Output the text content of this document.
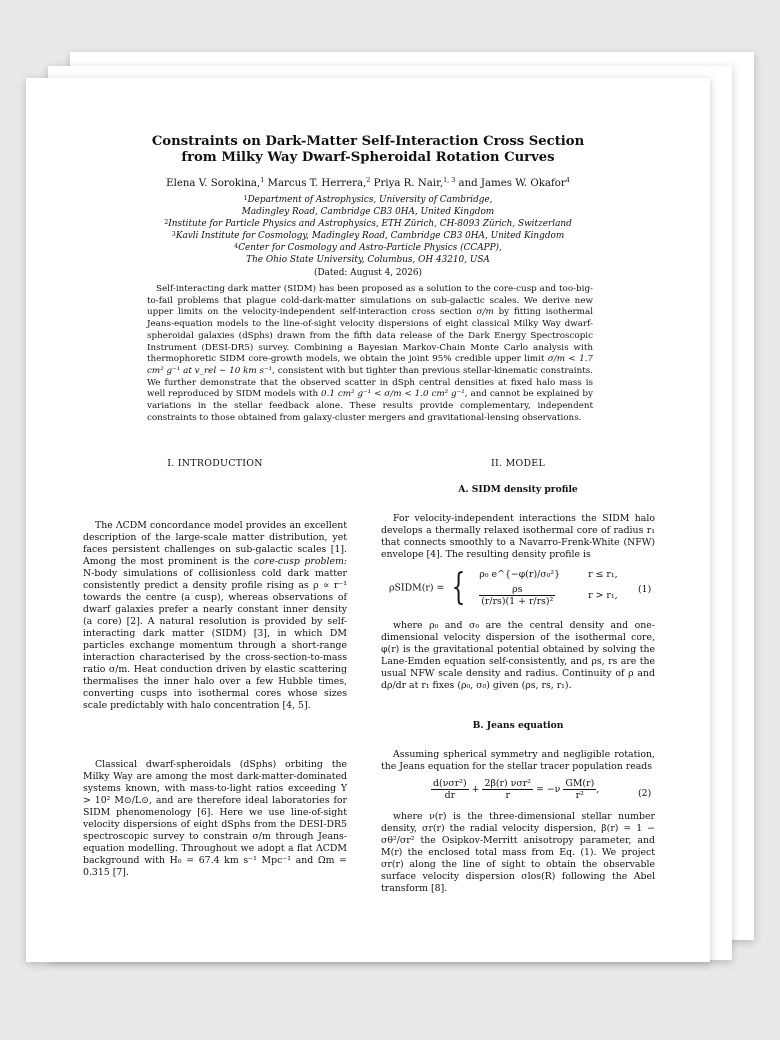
Constraints on Dark-Matter Self-Interaction Cross Section
from Milky Way Dwarf-Spheroidal Rotation Curves
Elena V. Sorokina,$^1$ Marcus T. Herrera,$^2$ Priya R. Nair,$^{1, 3}$ and James W. Okafor$^4$
$^1$Department of Astrophysics, University of Cambridge,
Madingley Road, Cambridge CB3 0HA, United Kingdom
$^2$Institute for Particle Physics and Astrophysics, ETH Zürich, CH-8093 Zürich, Switzerland
$^3$Kavli Institute for Cosmology, Madingley Road, Cambridge CB3 0HA, United Kingdom
$^4$Center for Cosmology and Astro-Particle Physics (CCAPP),
The Ohio State University, Columbus, OH 43210, USA
(Dated: August 4, 2026)
Self-interacting dark matter (SIDM) has been proposed as a solution to the core-cusp and too-big-to-fail problems that plague cold-dark-matter simulations on sub-galactic scales. We derive new upper limits on the velocity-independent self-interaction cross section σ/m by fitting isothermal Jeans-equation models to the line-of-sight velocity dispersions of eight classical Milky Way dwarf-spheroidal galaxies (dSphs) drawn from the fifth data release of the Dark Energy Spectroscopic Instrument (DESI-DR5) survey. Combining a Bayesian Markov-Chain Monte Carlo analysis with thermophoretic SIDM core-growth models, we obtain the joint 95% credible upper limit σ/m < 1.7 cm² g⁻¹ at v_rel ∼ 10 km s⁻¹, consistent with but tighter than previous stellar-kinematic constraints. We further demonstrate that the observed scatter in dSph central densities at fixed halo mass is well reproduced by SIDM models with 0.1 cm² g⁻¹ < σ/m < 1.0 cm² g⁻¹, and cannot be explained by variations in the stellar feedback alone. These results provide complementary, independent constraints to those obtained from galaxy-cluster mergers and gravitational-lensing observations.
I. INTRODUCTION
The ΛCDM concordance model provides an excellent description of the large-scale matter distribution, yet faces persistent challenges on sub-galactic scales [1]. Among the most prominent is the core-cusp problem: N-body simulations of collisionless cold dark matter consistently predict a density profile rising as ρ ∝ r⁻¹ towards the centre (a cusp), whereas observations of dwarf galaxies prefer a nearly constant inner density (a core) [2]. A natural resolution is provided by self-interacting dark matter (SIDM) [3], in which DM particles exchange momentum through a short-range interaction characterised by the cross-section-to-mass ratio σ/m. Heat conduction driven by elastic scattering thermalises the inner halo over a few Hubble times, converting cusps into isothermal cores whose sizes scale predictably with halo concentration [4, 5].
Classical dwarf-spheroidals (dSphs) orbiting the Milky Way are among the most dark-matter-dominated systems known, with mass-to-light ratios exceeding Υ > 10² M⊙/L⊙, and are therefore ideal laboratories for SIDM phenomenology [6]. Here we use line-of-sight velocity dispersions of eight dSphs from the DESI-DR5 spectroscopic survey to constrain σ/m through Jeans-equation modelling. Throughout we adopt a flat ΛCDM background with H₀ = 67.4 km s⁻¹ Mpc⁻¹ and Ωm = 0.315 [7].
II. MODEL
A. SIDM density profile
For velocity-independent interactions the SIDM halo develops a thermally relaxed isothermal core of radius r₁ that connects smoothly to a Navarro-Frenk-White (NFW) envelope [4]. The resulting density profile is
ρSIDM(r) = { ρ₀ e^{−φ(r)/σ₀²}	r ≤ r₁,

$\frac{\rho s}{\text{(r/rs)(1 + r/rs)²}}$	r > r₁,
(1)
where ρ₀ and σ₀ are the central density and one-dimensional velocity dispersion of the isothermal core, φ(r) is the gravitational potential obtained by solving the Lane-Emden equation self-consistently, and ρs, rs are the usual NFW scale density and radius. Continuity of ρ and dρ/dr at r₁ fixes (ρ₀, σ₀) given (ρs, rs, r₁).
B. Jeans equation
Assuming spherical symmetry and negligible rotation, the Jeans equation for the stellar tracer population reads
$\frac{\text{d(νσr²)}}{dr} + \frac{\text{2β(r) νσr²}}{r} = -\nu \frac{GM(r)}{\text{r²}}$ ,	(2)
where ν(r) is the three-dimensional stellar number density, σr(r) the radial velocity dispersion, β(r) = 1 − σθ²/σr² the Osipkov-Merritt anisotropy parameter, and M(r) the enclosed total mass from Eq. (1). We project σr(r) along the line of sight to obtain the observable surface velocity dispersion σlos(R) following the Abel transform [8].
